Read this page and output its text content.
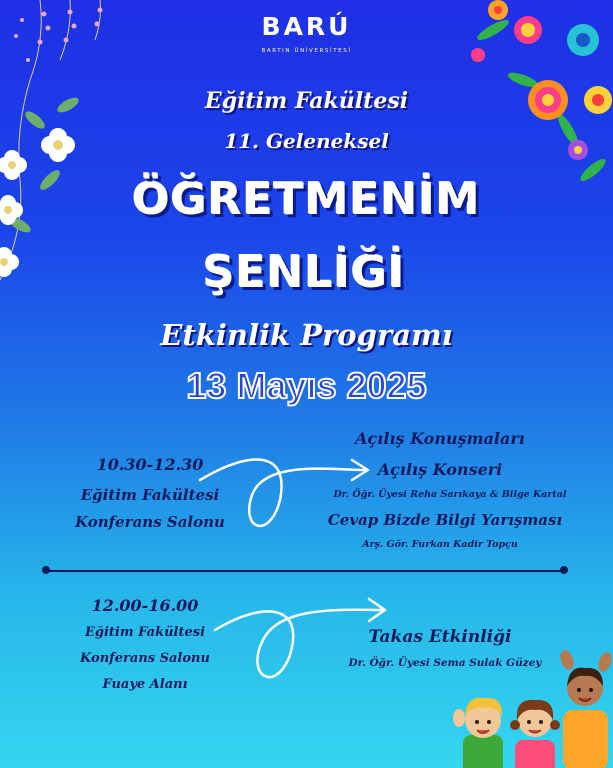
BARÚ
BARTIN ÜNİVERSİTESİ
Eğitim Fakültesi
11. Geleneksel
ÖĞRETMENİM
ŞENLİĞİ
Etkinlik Programı
13 Mayıs 2025
10.30-12.30
Eğitim Fakültesi
Konferans Salonu
Açılış Konuşmaları
Açılış Konseri
Dr. Öğr. Üyesi Reha Sarıkaya & Bilge Kartal
Cevap Bizde Bilgi Yarışması
Arş. Gör. Furkan Kadir Topçu
12.00-16.00
Eğitim Fakültesi
Konferans Salonu
Fuaye Alanı
Takas Etkinliği
Dr. Öğr. Üyesi Sema Sulak Güzey
